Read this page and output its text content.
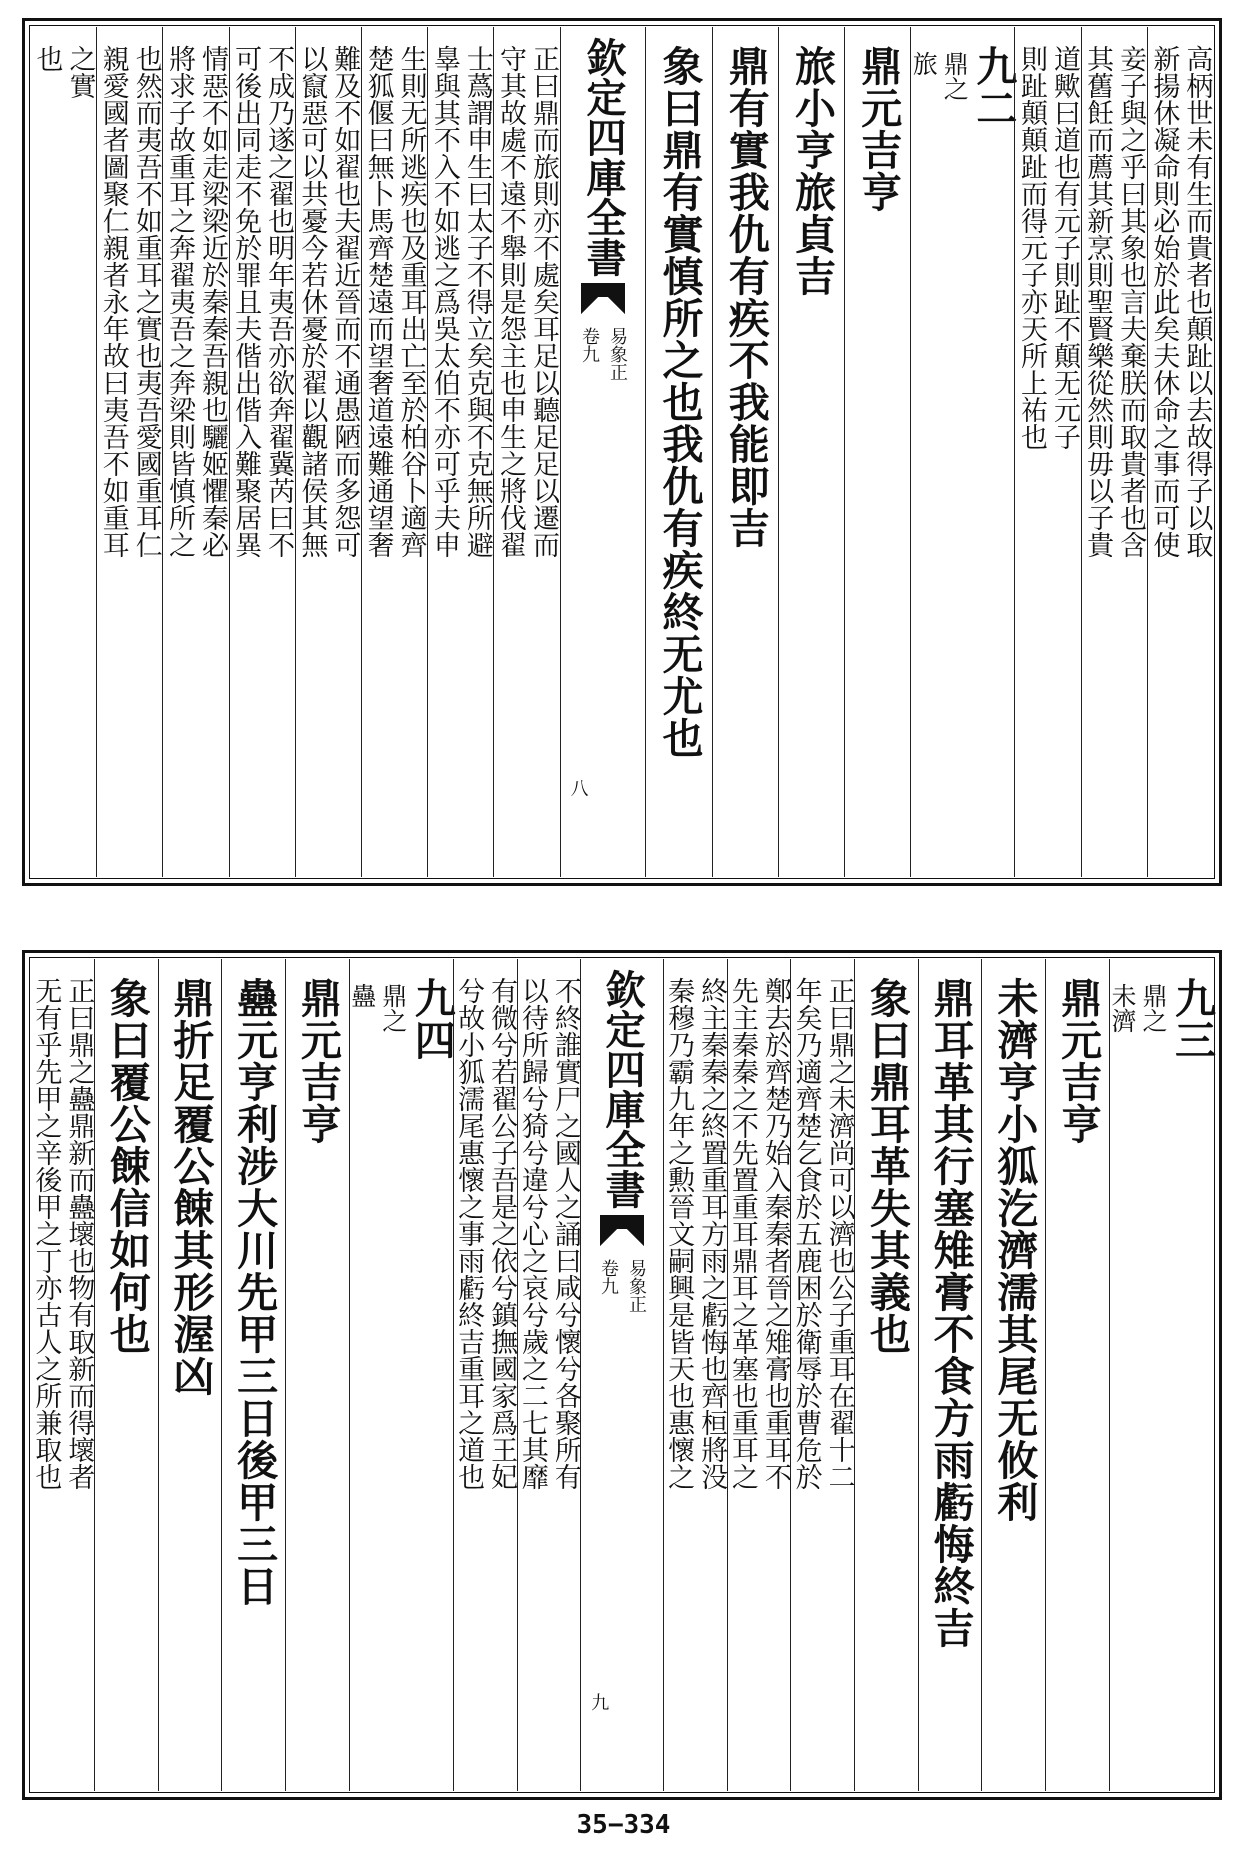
高柄世未有生而貴者也顛趾以去故得子以取
新揚休凝命則必始於此矣夫休命之事而可使
妾子與之乎曰其象也言夫棄朕而取貴者也含
其舊飪而薦其新烹則聖賢樂從然則毋以子貴
道歟曰道也有元子則趾不顛无元子
則趾顛顛趾而得元子亦天所上祐也
九二
鼎之
旅
鼎元吉亨
旅小亨旅貞吉
鼎有實我仇有疾不我能即吉
象曰鼎有實慎所之也我仇有疾終无尤也
欽定四庫全書
易象正
卷九
八
正曰鼎而旅則亦不處矣耳足以聽足足以遷而
守其故處不遠不舉則是怨主也申生之將伐翟
士蔿謂申生曰太子不得立矣克與不克無所避
辠與其不入不如逃之爲吳太伯不亦可乎夫申
生則无所逃疾也及重耳出亡至於柏谷卜適齊
楚狐偃曰無卜馬齊楚遠而望奢道遠難通望奢
難及不如翟也夫翟近晉而不通愚陋而多怨可
以竄惡可以共憂今若休憂於翟以觀諸侯其無
不成乃遂之翟也明年夷吾亦欲奔翟冀芮曰不
可後出同走不免於罪且夫偕出偕入難聚居異
情惡不如走梁梁近於秦秦吾親也驪姬懼秦必
將求子故重耳之奔翟夷吾之奔梁則皆慎所之
也然而夷吾不如重耳之實也夷吾愛國重耳仁
親愛國者圖聚仁親者永年故曰夷吾不如重耳
之實
也
九三
鼎之
未濟
鼎元吉亨
未濟亨小狐汔濟濡其尾无攸利
鼎耳革其行塞雉膏不食方雨虧悔終吉
象曰鼎耳革失其義也
正曰鼎之未濟尚可以濟也公子重耳在翟十二
年矣乃適齊楚乞食於五鹿困於衛辱於曹危於
鄭去於齊楚乃始入秦秦者晉之雉膏也重耳不
先主秦秦之不先置重耳鼎耳之革塞也重耳之
終主秦秦之終置重耳方雨之虧悔也齊桓將没
秦穆乃霸九年之勲晉文嗣興是皆天也惠懷之
欽定四庫全書
易象正
卷九
九
不終誰實尸之國人之誦曰咸兮懷兮各聚所有
以待所歸兮猗兮違兮心之哀兮歲之二七其靡
有微兮若翟公子吾是之依兮鎮撫國家爲王妃
兮故小狐濡尾惠懷之事雨虧終吉重耳之道也
九四
鼎之
蠱
鼎元吉亨
蠱元亨利涉大川先甲三日後甲三日
鼎折足覆公餗其形渥凶
象曰覆公餗信如何也
正曰鼎之蠱鼎新而蠱壞也物有取新而得壞者
无有乎先甲之辛後甲之丁亦古人之所兼取也
35−334
